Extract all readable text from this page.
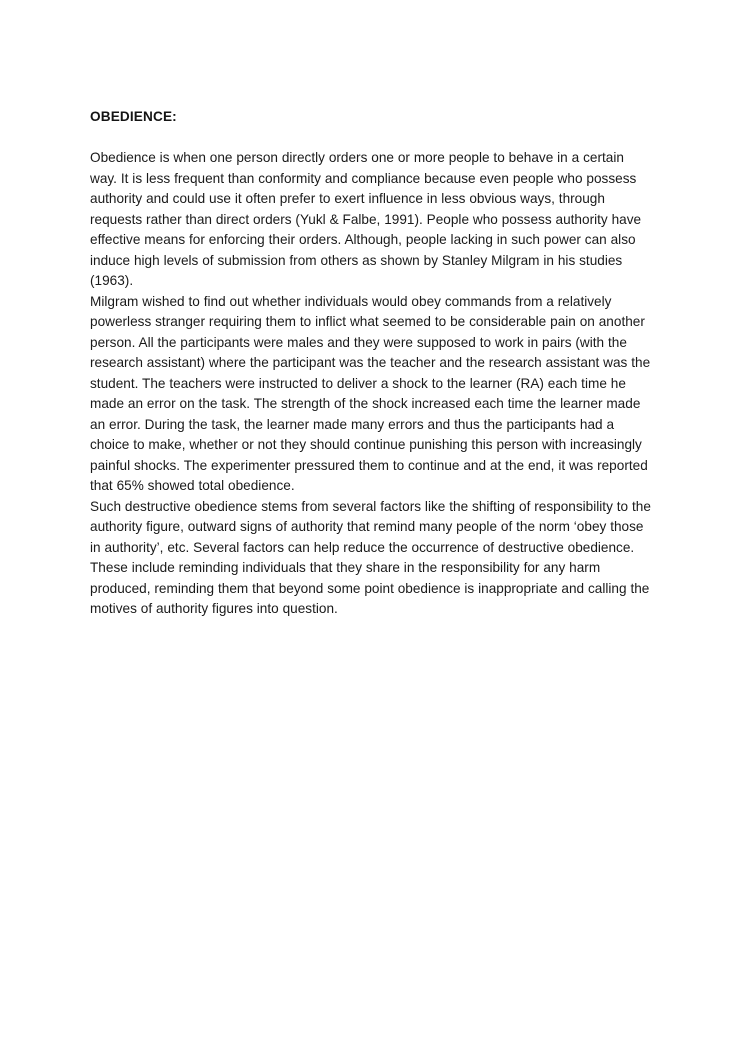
OBEDIENCE:

Obedience is when one person directly orders one or more people to behave in a certain way. It is less frequent than conformity and compliance because even people who possess authority and could use it often prefer to exert influence in less obvious ways, through requests rather than direct orders (Yukl & Falbe, 1991). People who possess authority have effective means for enforcing their orders. Although, people lacking in such power can also induce high levels of submission from others as shown by Stanley Milgram in his studies (1963).

Milgram wished to find out whether individuals would obey commands from a relatively powerless stranger requiring them to inflict what seemed to be considerable pain on another person. All the participants were males and they were supposed to work in pairs (with the research assistant) where the participant was the teacher and the research assistant was the student. The teachers were instructed to deliver a shock to the learner (RA) each time he made an error on the task. The strength of the shock increased each time the learner made an error. During the task, the learner made many errors and thus the participants had a choice to make, whether or not they should continue punishing this person with increasingly painful shocks. The experimenter pressured them to continue and at the end, it was reported that 65% showed total obedience.

Such destructive obedience stems from several factors like the shifting of responsibility to the authority figure, outward signs of authority that remind many people of the norm ‘obey those in authority’, etc. Several factors can help reduce the occurrence of destructive obedience. These include reminding individuals that they share in the responsibility for any harm produced, reminding them that beyond some point obedience is inappropriate and calling the motives of authority figures into question.
